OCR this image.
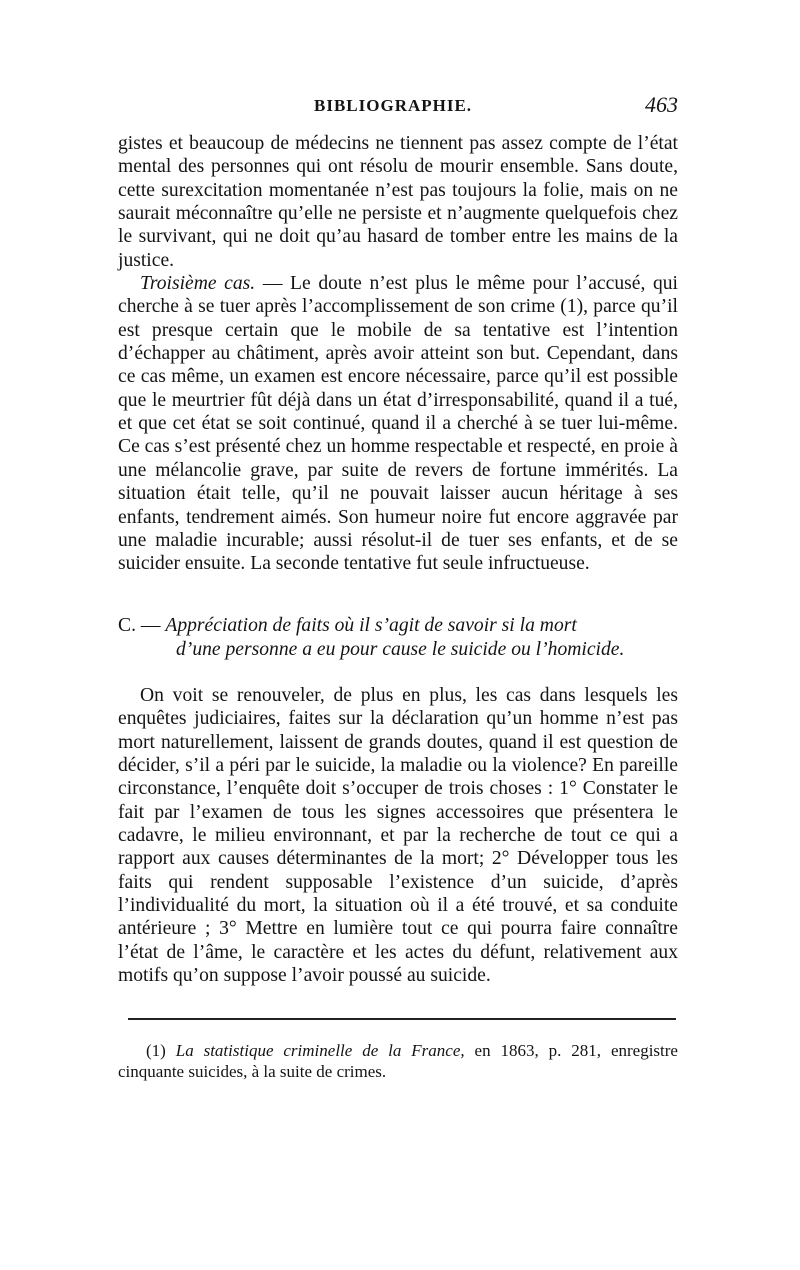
BIBLIOGRAPHIE.	463

gistes et beaucoup de médecins ne tiennent pas assez compte de l’état mental des personnes qui ont résolu de mourir ensemble. Sans doute, cette surexcitation momentanée n’est pas toujours la folie, mais on ne saurait méconnaître qu’elle ne persiste et n’augmente quelquefois chez le survivant, qui ne doit qu’au hasard de tomber entre les mains de la justice.

Troisième cas. — Le doute n’est plus le même pour l’accusé, qui cherche à se tuer après l’accomplissement de son crime (1), parce qu’il est presque certain que le mobile de sa tentative est l’intention d’échapper au châtiment, après avoir atteint son but. Cependant, dans ce cas même, un examen est encore nécessaire, parce qu’il est possible que le meurtrier fût déjà dans un état d’irresponsabilité, quand il a tué, et que cet état se soit continué, quand il a cherché à se tuer lui-même. Ce cas s’est présenté chez un homme respectable et respecté, en proie à une mélancolie grave, par suite de revers de fortune immérités. La situation était telle, qu’il ne pouvait laisser aucun héritage à ses enfants, tendrement aimés. Son humeur noire fut encore aggravée par une maladie incurable; aussi résolut-il de tuer ses enfants, et de se suicider ensuite. La seconde tentative fut seule infructueuse.

C. — Appréciation de faits où il s’agit de savoir si la mort
d’une personne a eu pour cause le suicide ou l’homicide.

On voit se renouveler, de plus en plus, les cas dans lesquels les enquêtes judiciaires, faites sur la déclaration qu’un homme n’est pas mort naturellement, laissent de grands doutes, quand il est question de décider, s’il a péri par le suicide, la maladie ou la violence? En pareille circonstance, l’enquête doit s’occuper de trois choses : 1° Constater le fait par l’examen de tous les signes accessoires que présentera le cadavre, le milieu environnant, et par la recherche de tout ce qui a rapport aux causes déterminantes de la mort; 2° Développer tous les faits qui rendent supposable l’existence d’un suicide, d’après l’individualité du mort, la situation où il a été trouvé, et sa conduite antérieure ; 3° Mettre en lumière tout ce qui pourra faire connaître l’état de l’âme, le caractère et les actes du défunt, relativement aux motifs qu’on suppose l’avoir poussé au suicide.

(1) La statistique criminelle de la France, en 1863, p. 281, enregistre cinquante suicides, à la suite de crimes.
